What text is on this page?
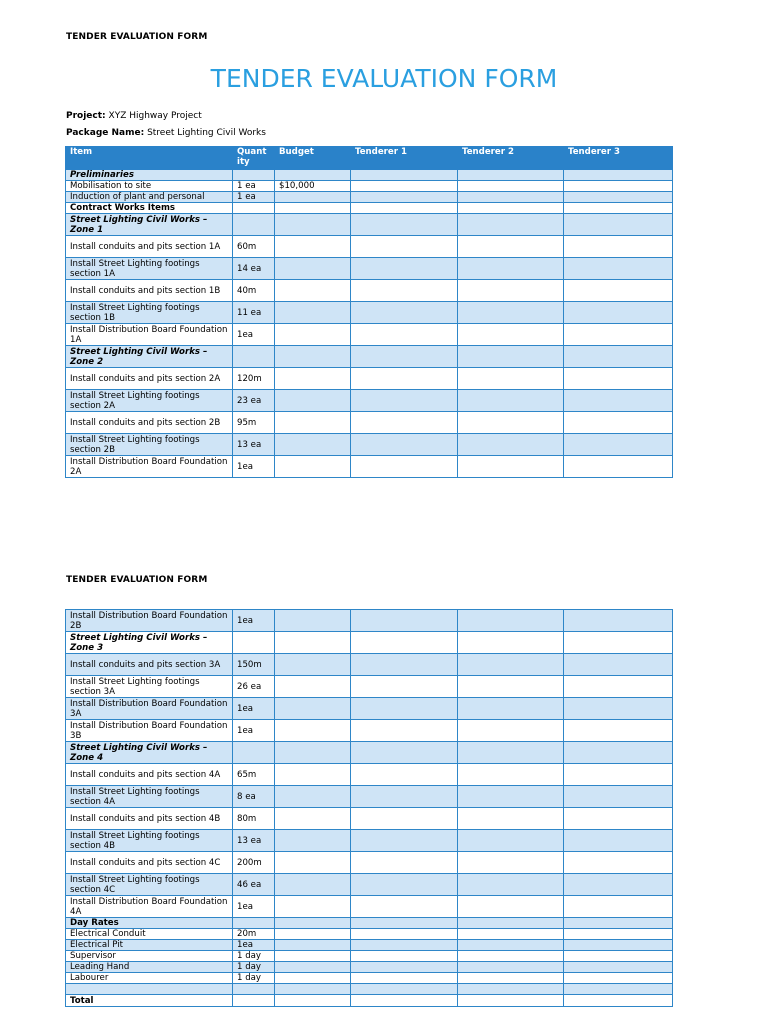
TENDER EVALUATION FORM
TENDER EVALUATION FORM
Project: XYZ Highway Project
Package Name: Street Lighting Civil Works
Item	Quant ity	Budget	Tenderer 1	Tenderer 2	Tenderer 3
Preliminaries					
Mobilisation to site	1 ea	$10,000			
Induction of plant and personal	1 ea				
Contract Works Items					
Street Lighting Civil Works – Zone 1					
Install conduits and pits section 1A	60m				
Install Street Lighting footings section 1A	14 ea				
Install conduits and pits section 1B	40m				
Install Street Lighting footings section 1B	11 ea				
Install Distribution Board Foundation 1A	1ea				
Street Lighting Civil Works – Zone 2					
Install conduits and pits section 2A	120m				
Install Street Lighting footings section 2A	23 ea				
Install conduits and pits section 2B	95m				
Install Street Lighting footings section 2B	13 ea				
Install Distribution Board Foundation 2A	1ea				
TENDER EVALUATION FORM
Install Distribution Board Foundation 2B	1ea				
Street Lighting Civil Works – Zone 3					
Install conduits and pits section 3A	150m				
Install Street Lighting footings section 3A	26 ea				
Install Distribution Board Foundation 3A	1ea				
Install Distribution Board Foundation 3B	1ea				
Street Lighting Civil Works – Zone 4					
Install conduits and pits section 4A	65m				
Install Street Lighting footings section 4A	8 ea				
Install conduits and pits section 4B	80m				
Install Street Lighting footings section 4B	13 ea				
Install conduits and pits section 4C	200m				
Install Street Lighting footings section 4C	46 ea				
Install Distribution Board Foundation 4A	1ea				
Day Rates					
Electrical Conduit	20m				
Electrical Pit	1ea				
Supervisor	1 day				
Leading Hand	1 day				
Labourer	1 day				

Total					
